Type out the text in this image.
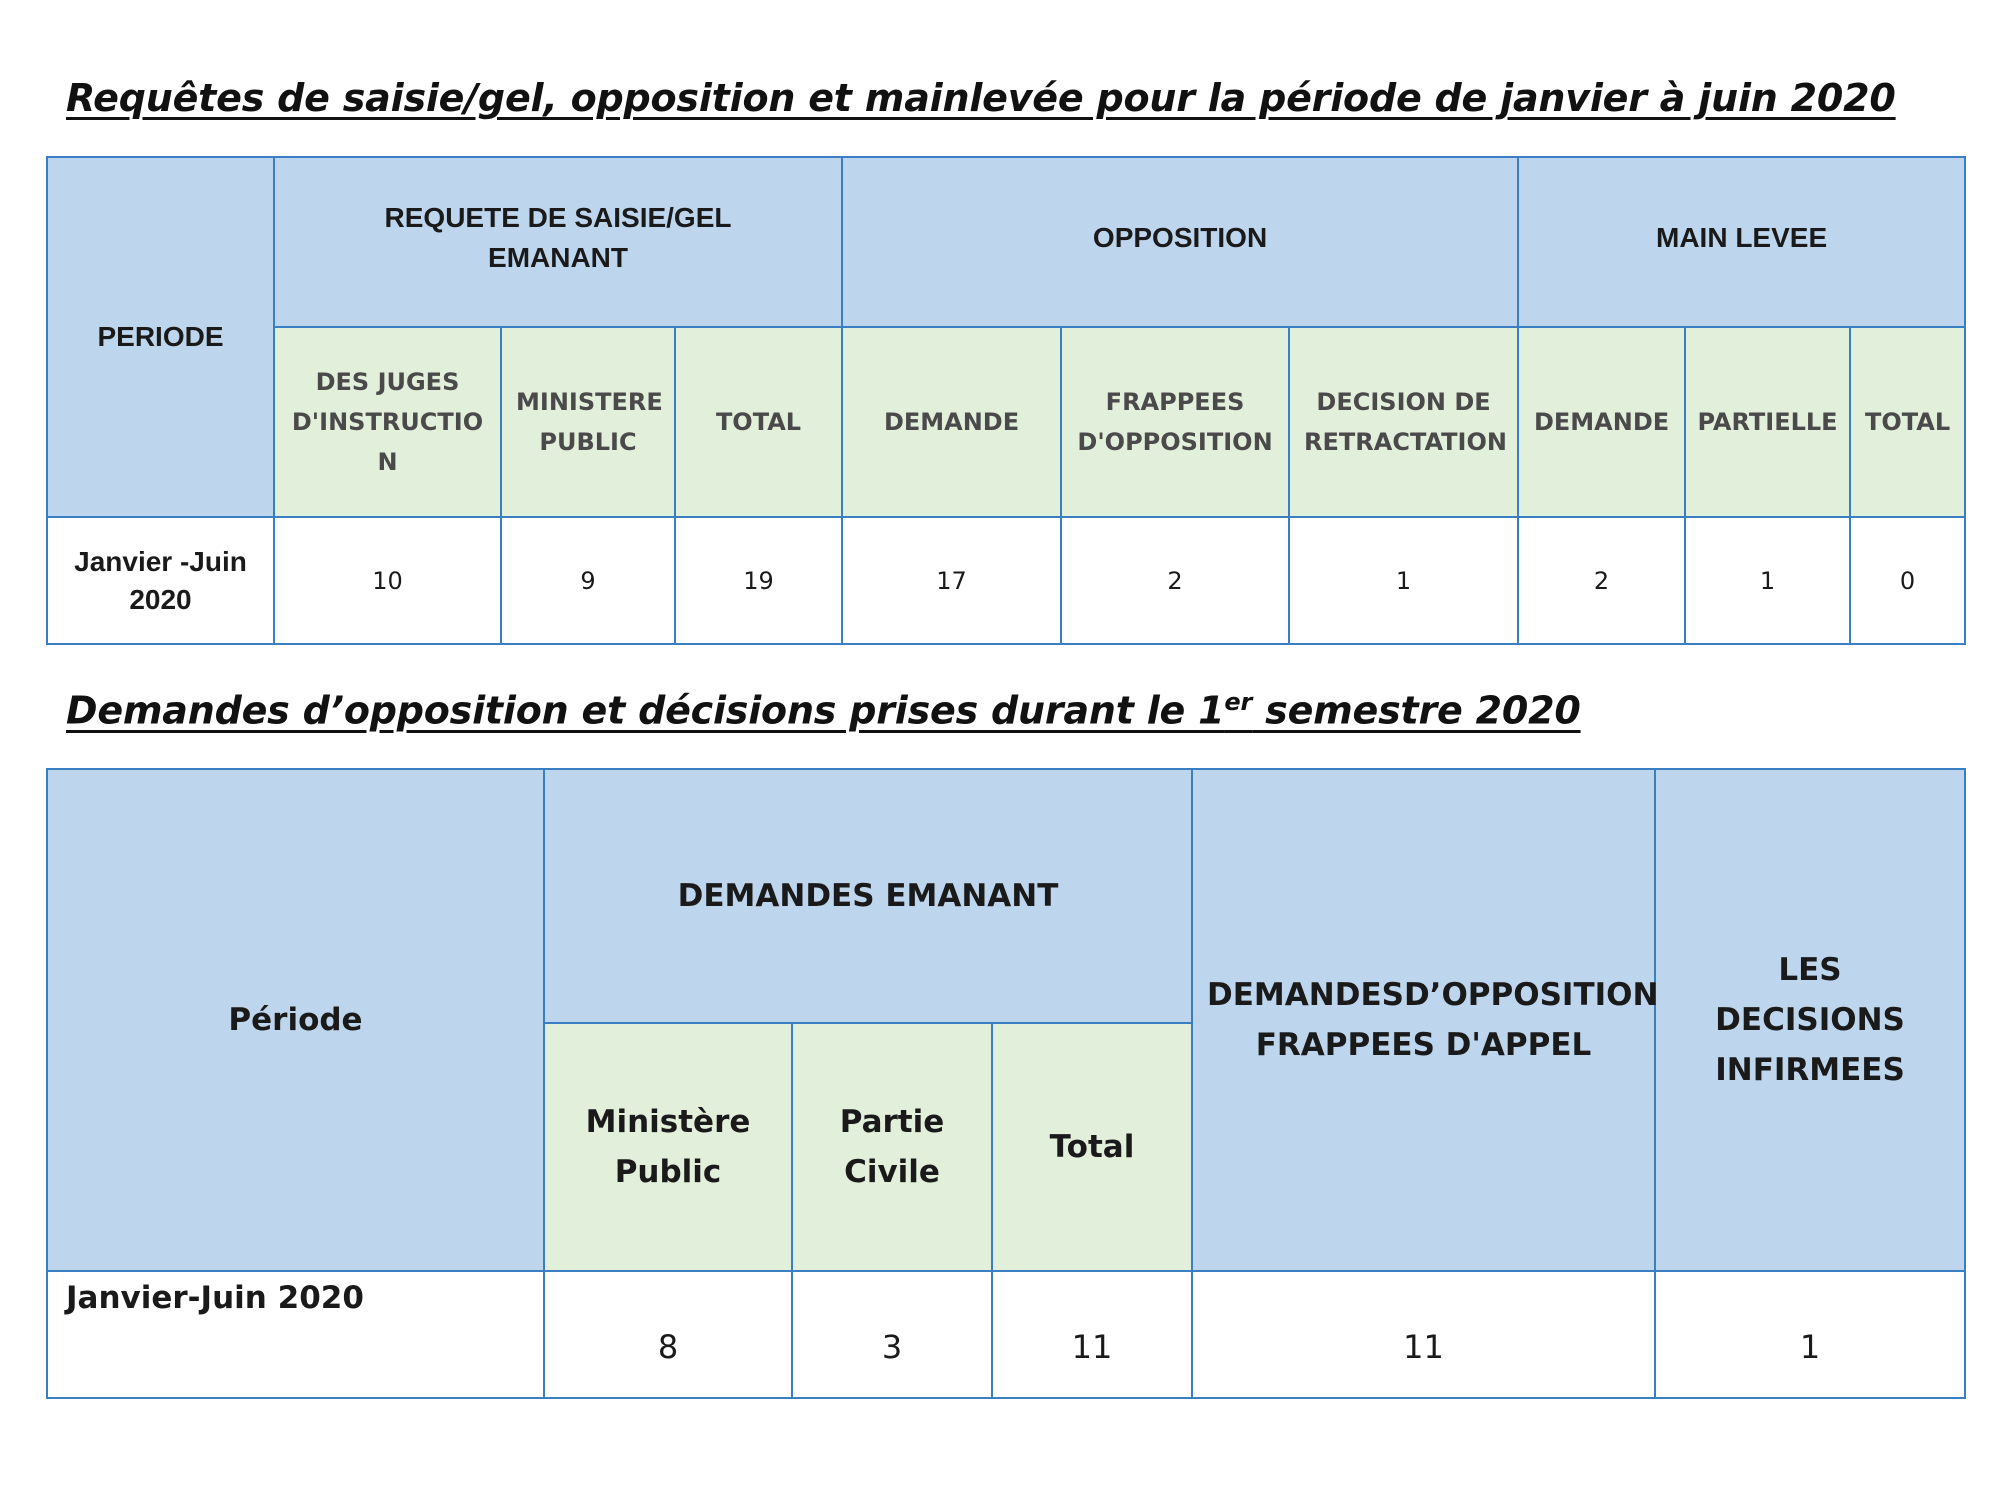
Requêtes de saisie/gel, opposition et mainlevée pour la période de janvier à juin 2020
PERIODE	REQUETE DE SAISIE/GEL EMANANT			OPPOSITION			MAIN LEVEE		
	DES JUGES D'INSTRUCTIO N	MINISTERE PUBLIC	TOTAL	DEMANDE	FRAPPEES D'OPPOSITION	DECISION DE RETRACTATION	DEMANDE	PARTIELLE	TOTAL
Janvier -Juin 2020	10	9	19	17	2	1	2	1	0
Demandes d’opposition et décisions prises durant le 1er semestre 2020
Période	DEMANDES EMANANT			DEMANDESD’OPPOSITION FRAPPEES D'APPEL	LES DECISIONS INFIRMEES
	Ministère Public	Partie Civile	Total		
Janvier-Juin 2020	8	3	11	11	1
